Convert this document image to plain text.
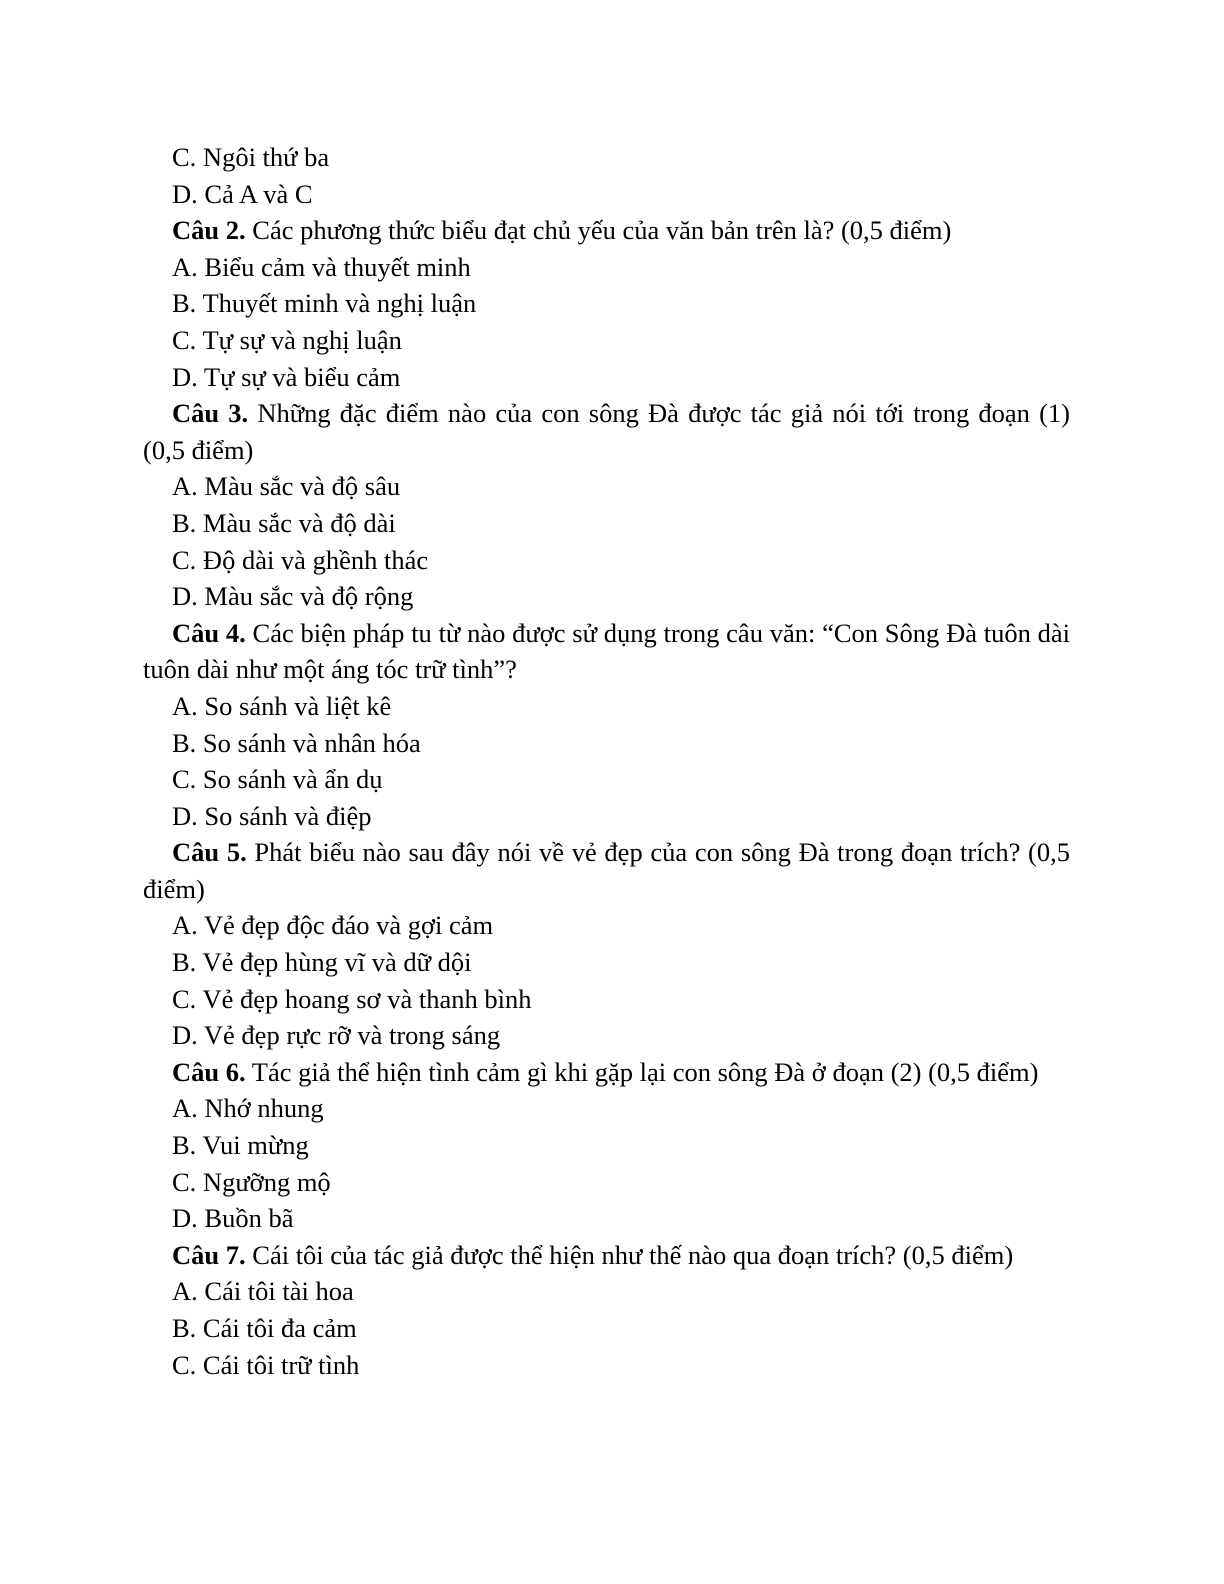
C. Ngôi thứ ba

D. Cả A và C

Câu 2. Các phương thức biểu đạt chủ yếu của văn bản trên là? (0,5 điểm)

A. Biểu cảm và thuyết minh

B. Thuyết minh và nghị luận

C. Tự sự và nghị luận

D. Tự sự và biểu cảm

Câu 3. Những đặc điểm nào của con sông Đà được tác giả nói tới trong đoạn (1) (0,5 điểm)

A. Màu sắc và độ sâu

B. Màu sắc và độ dài

C. Độ dài và ghềnh thác

D. Màu sắc và độ rộng

Câu 4. Các biện pháp tu từ nào được sử dụng trong câu văn: “Con Sông Đà tuôn dài tuôn dài như một áng tóc trữ tình”?

A. So sánh và liệt kê

B. So sánh và nhân hóa

C. So sánh và ẩn dụ

D. So sánh và điệp

Câu 5. Phát biểu nào sau đây nói về vẻ đẹp của con sông Đà trong đoạn trích? (0,5 điểm)

A. Vẻ đẹp độc đáo và gợi cảm

B. Vẻ đẹp hùng vĩ và dữ dội

C. Vẻ đẹp hoang sơ và thanh bình

D. Vẻ đẹp rực rỡ và trong sáng

Câu 6. Tác giả thể hiện tình cảm gì khi gặp lại con sông Đà ở đoạn (2) (0,5 điểm)

A. Nhớ nhung

B. Vui mừng

C. Ngưỡng mộ

D. Buồn bã

Câu 7. Cái tôi của tác giả được thể hiện như thế nào qua đoạn trích? (0,5 điểm)

A. Cái tôi tài hoa

B. Cái tôi đa cảm

C. Cái tôi trữ tình
